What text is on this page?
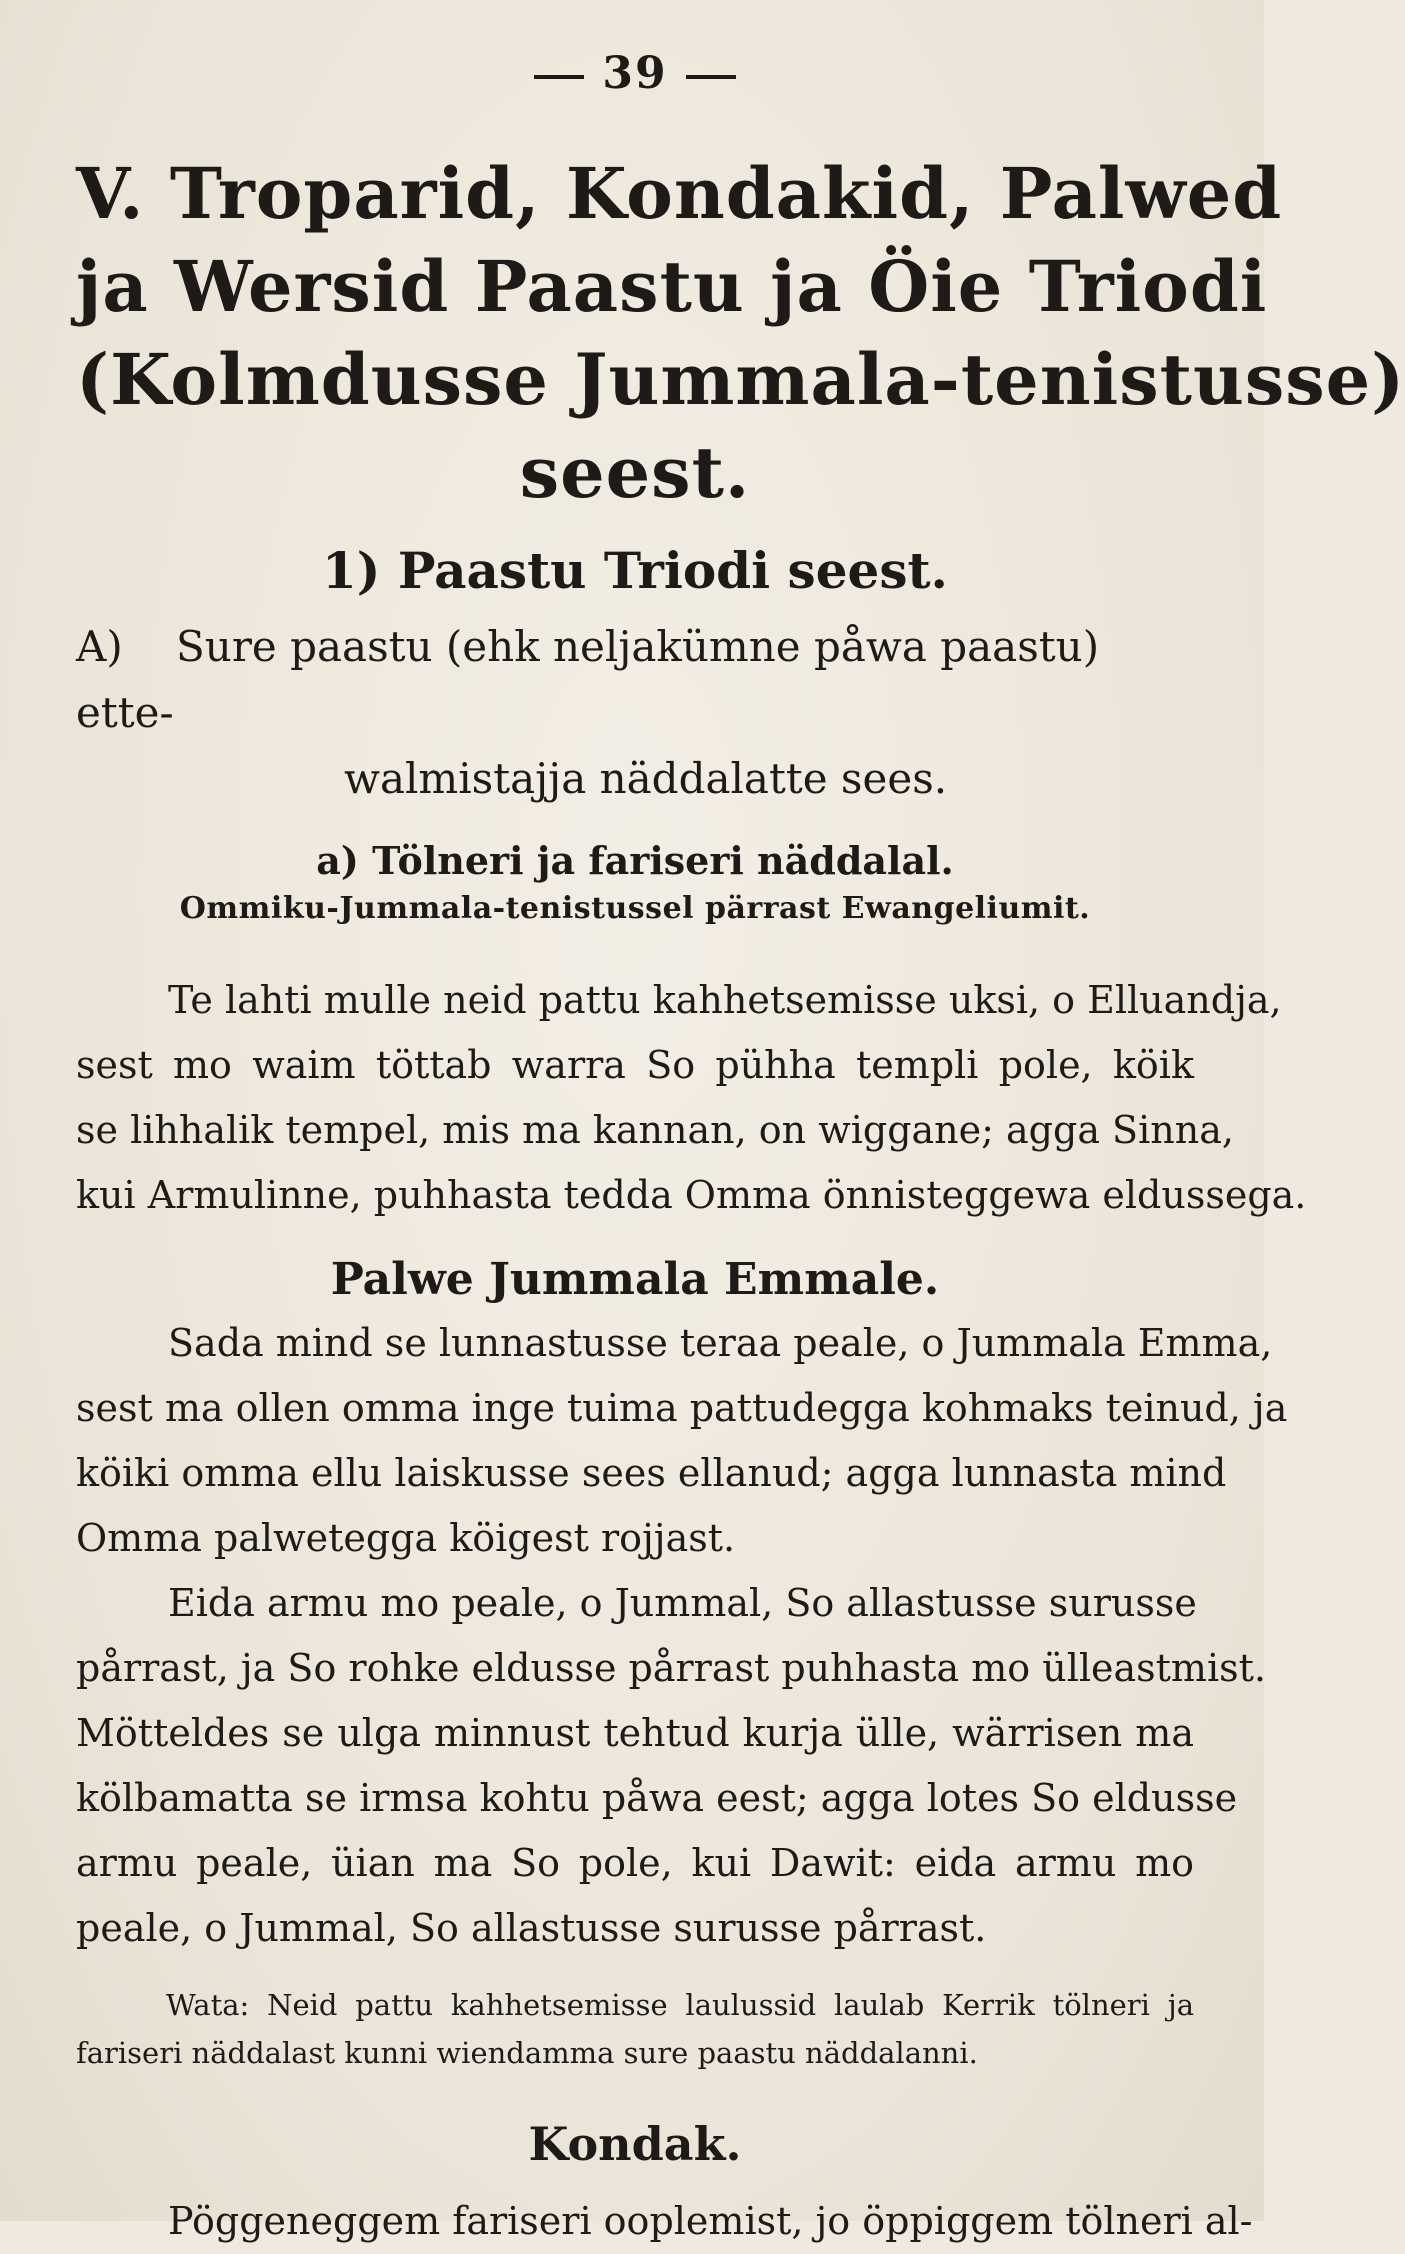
39
V. Troparid, Kondakid, Palwed
ja Wersid Paastu ja Öie Triodi
(Kolmdusse Jummala-tenistusse)
seest.
1) Paastu Triodi seest.
A) Sure paastu (ehk neljakümne påwa paastu) ette-
walmistajja näddalatte sees.
a) Tölneri ja fariseri näddalal.
Ommiku-Jummala-tenistussel pärrast Ewangeliumit.

Te lahti mulle neid pattu kahhetsemisse uksi, o Elluandja,
sest mo waim töttab warra So pühha templi pole, köik
se lihhalik tempel, mis ma kannan, on wiggane; agga Sinna,
kui Armulinne, puhhasta tedda Omma önnisteggewa eldussega.

Palwe Jummala Emmale.

Sada mind se lunnastusse teraa peale, o Jummala Emma,
sest ma ollen omma inge tuima pattudegga kohmaks teinud, ja
köiki omma ellu laiskusse sees ellanud; agga lunnasta mind
Omma palwetegga köigest rojjast.

Eida armu mo peale, o Jummal, So allastusse surusse
pårrast, ja So rohke eldusse pårrast puhhasta mo ülleastmist.
Mötteldes se ulga minnust tehtud kurja ülle, wärrisen ma
kölbamatta se irmsa kohtu påwa eest; agga lotes So eldusse
armu peale, üian ma So pole, kui Dawit: eida armu mo
peale, o Jummal, So allastusse surusse pårrast.

Wata: Neid pattu kahhetsemisse laulussid laulab Kerrik tölneri ja
fariseri näddalast kunni wiendamma sure paastu näddalanni.

Kondak.

Pöggeneggem fariseri ooplemist, jo öppiggem tölneri al-
